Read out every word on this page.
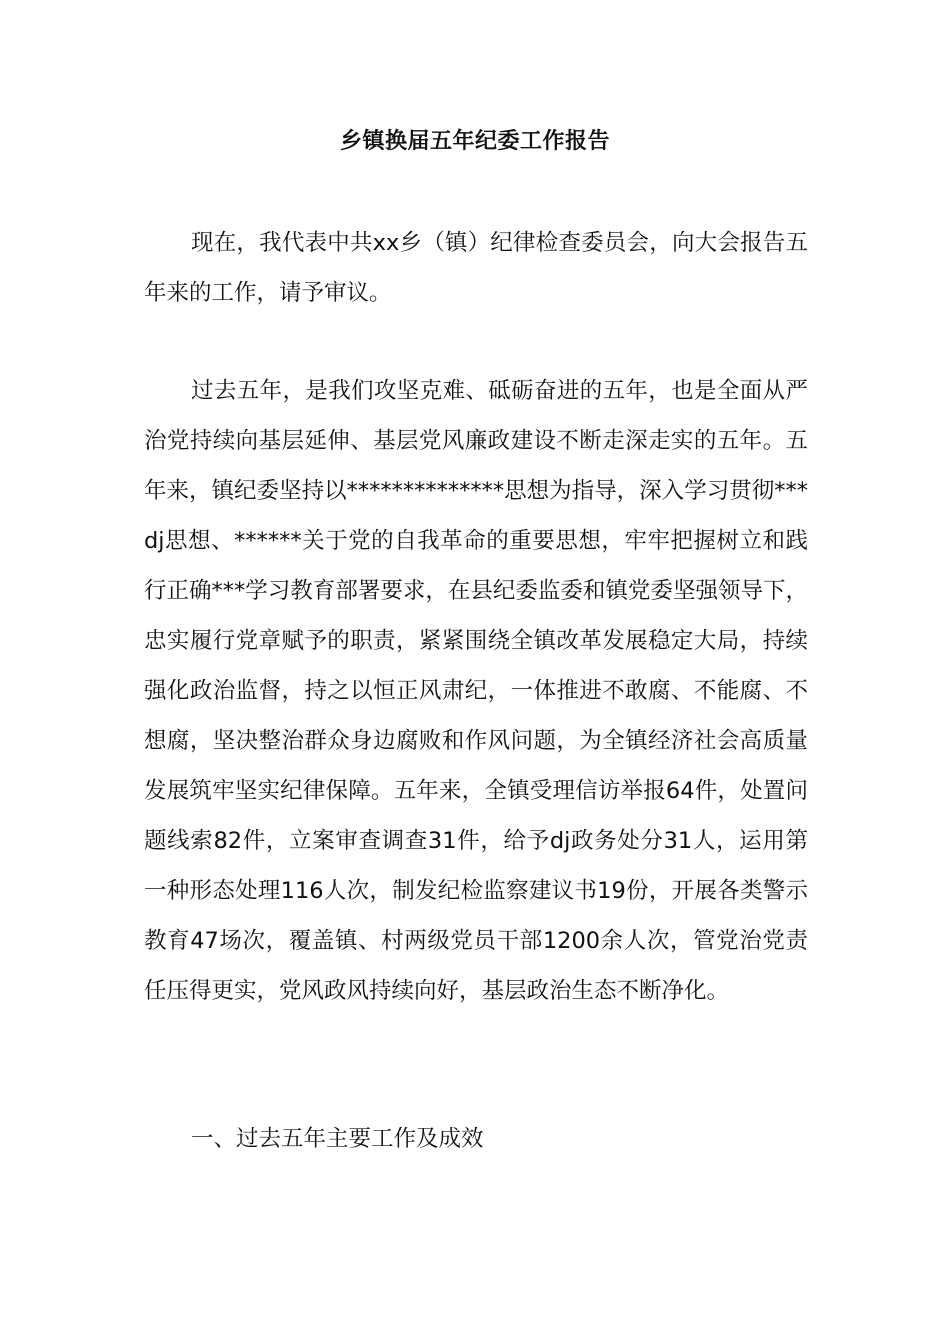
乡镇换届五年纪委工作报告

现在，我代表中共xx乡（镇）纪律检查委员会，向大会报告五年来的工作，请予审议。

过去五年，是我们攻坚克难、砥砺奋进的五年，也是全面从严治党持续向基层延伸、基层党风廉政建设不断走深走实的五年。五年来，镇纪委坚持以**************思想为指导，深入学习贯彻***dj思想、******关于党的自我革命的重要思想，牢牢把握树立和践行正确***学习教育部署要求，在县纪委监委和镇党委坚强领导下，忠实履行党章赋予的职责，紧紧围绕全镇改革发展稳定大局，持续强化政治监督，持之以恒正风肃纪，一体推进不敢腐、不能腐、不想腐，坚决整治群众身边腐败和作风问题，为全镇经济社会高质量发展筑牢坚实纪律保障。五年来，全镇受理信访举报64件，处置问题线索82件，立案审查调查31件，给予dj政务处分31人，运用第一种形态处理116人次，制发纪检监察建议书19份，开展各类警示教育47场次，覆盖镇、村两级党员干部1200余人次，管党治党责任压得更实，党风政风持续向好，基层政治生态不断净化。

一、过去五年主要工作及成效
